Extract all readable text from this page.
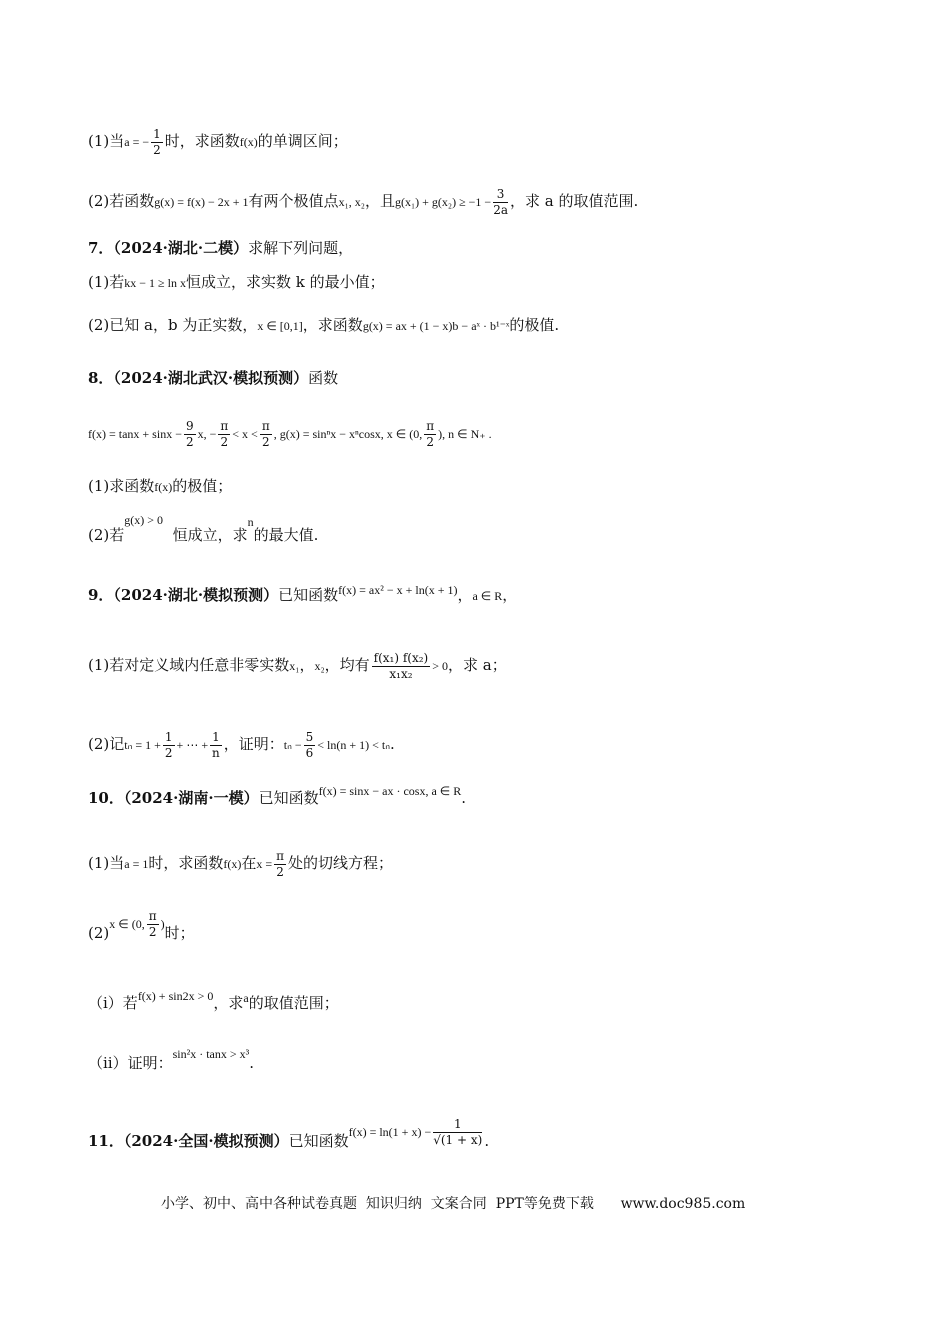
(1)当a = − $\frac{1}{2}$ 时，求函数f(x)的单调区间；
(2)若函数g(x) = f(x) − 2x + 1有两个极值点x₁, x₂，且$g(x_1) + g(x_2) \ge -1 - \frac{3}{2a}$ ，求 a 的取值范围.
7．（2024·湖北·二模）求解下列问题，
(1)若kx − 1 ≥ ln x恒成立，求实数 k 的最小值；
(2)已知 a，b 为正实数，x ∈ [0,1]，求函数g(x) = ax + (1 − x)b − aˣ · b¹⁻ˣ的极值.
8．（2024·湖北武汉·模拟预测）函数
$f(x) = \tan x + \sin x - \frac{9}{2} x$, − $\frac{\pi}{2} < x < \frac{\pi}{2}$ , g(x) = sinⁿx − xⁿcosx, x ∈ (0, $\frac{\pi}{2}$ ), n ∈ N₊ .
(1)求函数f(x)的极值；
(2)若$^{g(x) > 0}$  恒成立，求$^n$的最大值.
9．（2024·湖北·模拟预测）已知函数$^{f(x) = ax^2 - x + ln(x + 1)}$，a ∈ R，
(1)若对定义域内任意非零实数x₁，x₂，均有 $\frac{\text{f(x₁) f(x₂)}}{\text{x₁x₂}} > 0$，求 a；
(2)记$t_n = 1 + \frac{1}{2}$ + ⋯ + $\frac{1}{n}$ ，证明：$t_n - \frac{5}{6} < \ln(n + 1) < t_n$.
10．（2024·湖南·一模）已知函数$^{f(x) = sinx - ax \cdot cosx, a \in R}$.
(1)当a = 1时，求函数f(x)在$x = \frac{\pi}{2}$ 处的切线方程；
$(2)^{x \in (0,} \frac{\pi}{2} ^)$时；
（ⅰ）若$^{f(x) + sin2x > 0}$，求$^a$的取值范围；
（ⅱ）证明：$^{sin^2x \cdot tanx > x^3}$.
11．（2024·全国·模拟预测）已知函数$^{f(x) = ln(1 + x) -} \frac{1}{√(1 + x)}$ .
小学、初中、高中各种试卷真题  知识归纳  文案合同  PPT等免费下载      www.doc985.com
